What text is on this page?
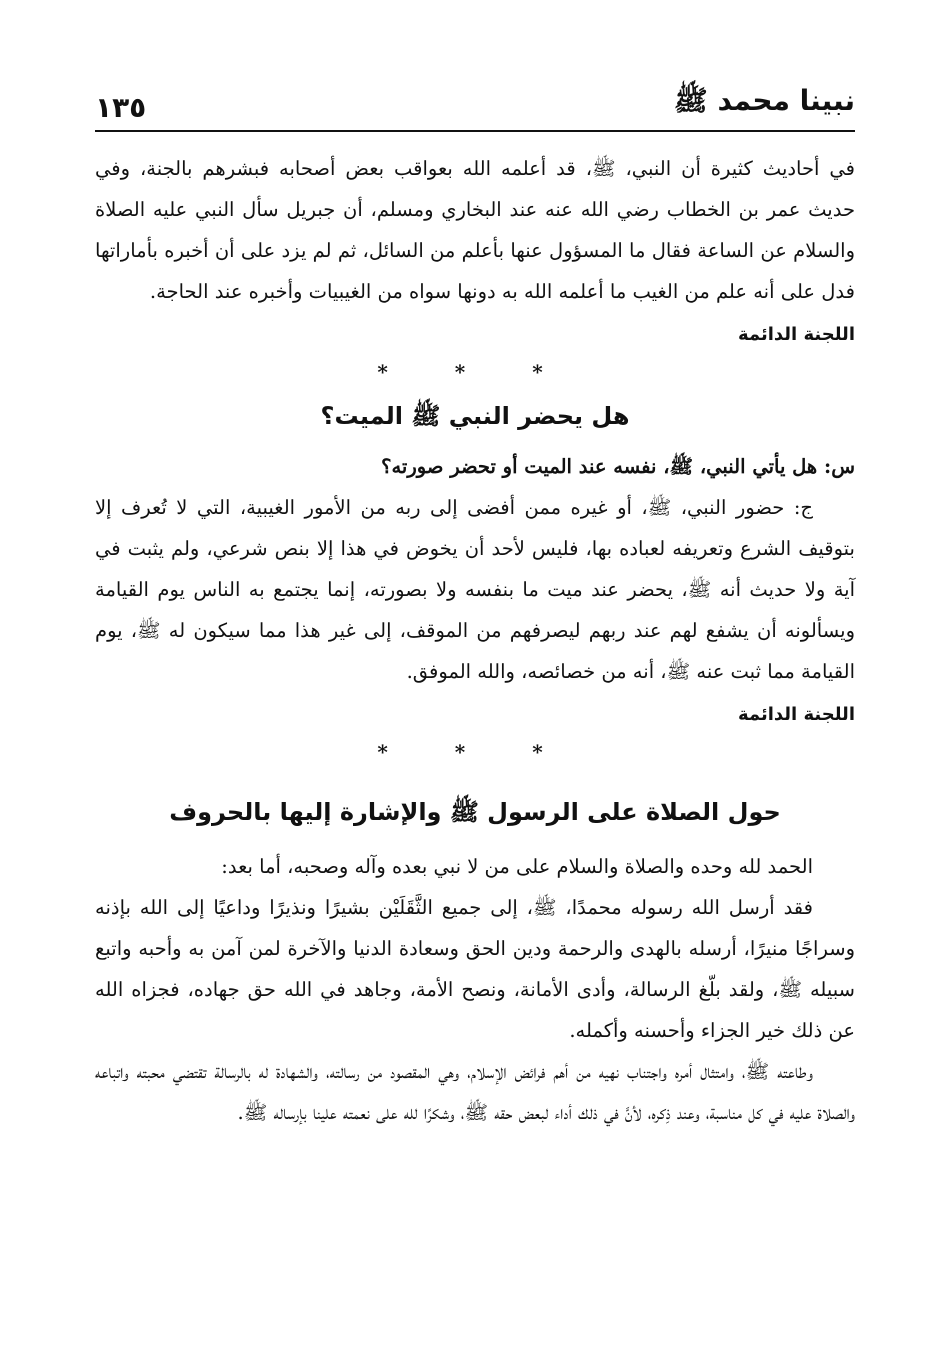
نبينا محمد ﷺ
١٣٥

في أحاديث كثيرة أن النبي، ﷺ، قد أعلمه الله بعواقب بعض أصحابه فبشرهم بالجنة، وفي حديث عمر بن الخطاب رضي الله عنه عند البخاري ومسلم، أن جبريل سأل النبي عليه الصلاة والسلام عن الساعة فقال ما المسؤول عنها بأعلم من السائل، ثم لم يزد على أن أخبره بأماراتها فدل على أنه علم من الغيب ما أعلمه الله به دونها سواه من الغيبيات وأخبره عند الحاجة.

اللجنة الدائمة
* * *
هل يحضر النبي ﷺ الميت؟

س: هل يأتي النبي، ﷺ، نفسه عند الميت أو تحضر صورته؟

ج: حضور النبي، ﷺ، أو غيره ممن أفضى إلى ربه من الأمور الغيبية، التي لا تُعرف إلا بتوقيف الشرع وتعريفه لعباده بها، فليس لأحد أن يخوض في هذا إلا بنص شرعي، ولم يثبت في آية ولا حديث أنه ﷺ، يحضر عند ميت ما بنفسه ولا بصورته، إنما يجتمع به الناس يوم القيامة ويسألونه أن يشفع لهم عند ربهم ليصرفهم من الموقف، إلى غير هذا مما سيكون له ﷺ، يوم القيامة مما ثبت عنه ﷺ، أنه من خصائصه، والله الموفق.

اللجنة الدائمة
* * *
حول الصلاة على الرسول ﷺ والإشارة إليها بالحروف

الحمد لله وحده والصلاة والسلام على من لا نبي بعده وآله وصحبه، أما بعد:

فقد أرسل الله رسوله محمدًا، ﷺ، إلى جميع الثَّقَلَيْن بشيرًا ونذيرًا وداعيًا إلى الله بإذنه وسراجًا منيرًا، أرسله بالهدى والرحمة ودين الحق وسعادة الدنيا والآخرة لمن آمن به وأحبه واتبع سبيله ﷺ، ولقد بلّغ الرسالة، وأدى الأمانة، ونصح الأمة، وجاهد في الله حق جهاده، فجزاه الله عن ذلك خير الجزاء وأحسنه وأكمله.

وطاعته ﷺ، وامتثال أمره واجتناب نهيه من أهم فرائض الإسلام، وهي المقصود من رسالته، والشهادة له بالرسالة تقتضي محبته واتباعه والصلاة عليه في كل مناسبة، وعند ذِكره، لأنَّ في ذلك أداء لبعض حقه ﷺ، وشكرًا لله على نعمته علينا بإرساله ﷺ.
